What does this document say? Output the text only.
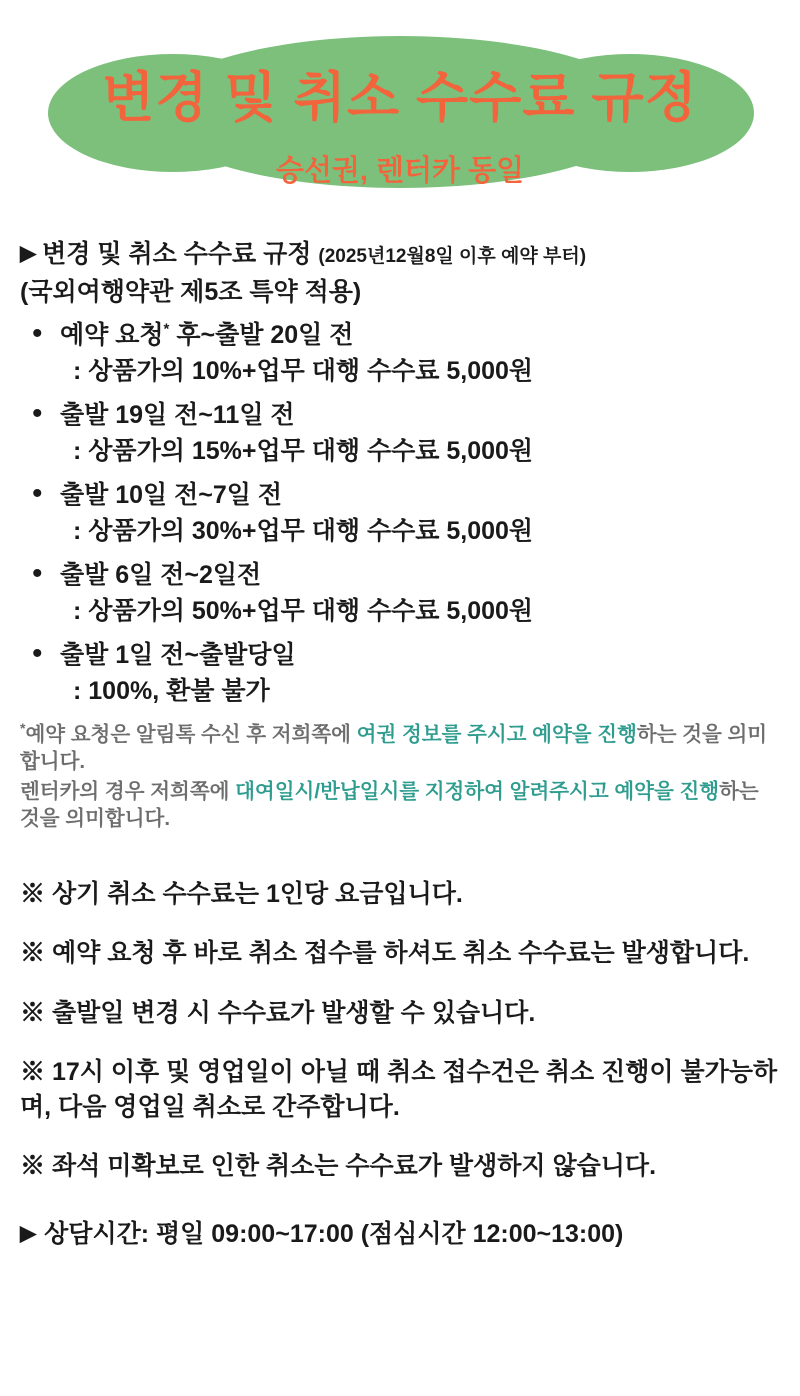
변경 및 취소 수수료 규정
승선권, 렌터카 동일

▶ 변경 및 취소 수수료 규정 (2025년12월8일 이후 예약 부터)

(국외여행약관 제5조 특약 적용)

• 예약 요청* 후~출발 20일 전
: 상품가의 10%+업무 대행 수수료 5,000원
• 출발 19일 전~11일 전
: 상품가의 15%+업무 대행 수수료 5,000원
• 출발 10일 전~7일 전
: 상품가의 30%+업무 대행 수수료 5,000원
• 출발 6일 전~2일전
: 상품가의 50%+업무 대행 수수료 5,000원
• 출발 1일 전~출발당일
: 100%, 환불 불가

*예약 요청은 알림톡 수신 후 저희쪽에 여권 정보를 주시고 예약을 진행하는 것을 의미합니다.

렌터카의 경우 저희쪽에 대여일시/반납일시를 지정하여 알려주시고 예약을 진행하는 것을 의미합니다.

※ 상기 취소 수수료는 1인당 요금입니다.

※ 예약 요청 후 바로 취소 접수를 하셔도 취소 수수료는 발생합니다.

※ 출발일 변경 시 수수료가 발생할 수 있습니다.

※ 17시 이후 및 영업일이 아닐 때 취소 접수건은 취소 진행이 불가능하며, 다음 영업일 취소로 간주합니다.

※ 좌석 미확보로 인한 취소는 수수료가 발생하지 않습니다.

▶ 상담시간: 평일 09:00~17:00 (점심시간 12:00~13:00)
